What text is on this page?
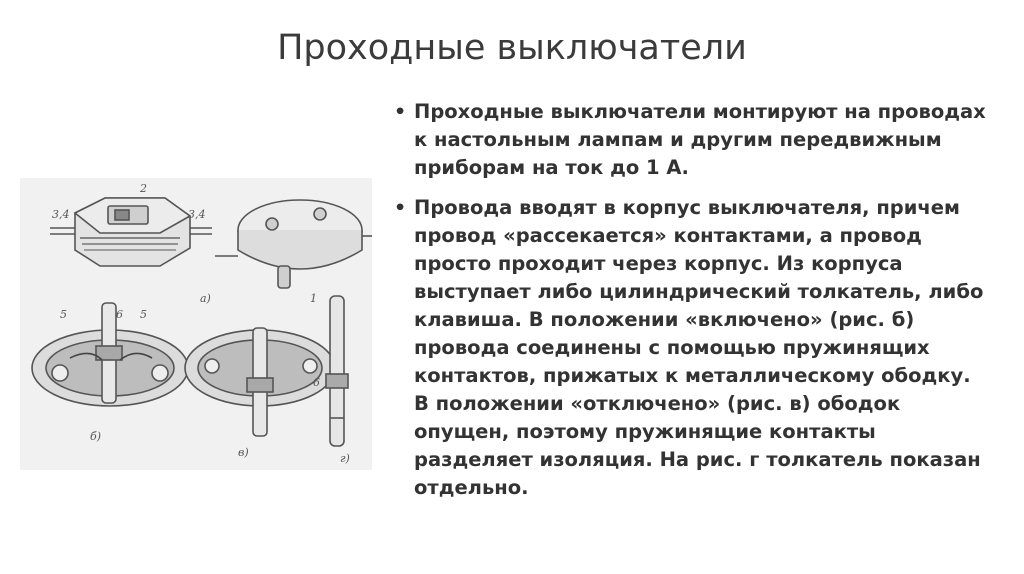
Проходные выключатели
2
3,4	3,4
а)	1
5	6 5
б)
в)
6
г)
• Проходные выключатели монтируют на проводах к настольным лампам и другим передвижным приборам на ток до 1 А.
• Провода вводят в корпус выключателя, причем провод «рассекается» контактами, а провод просто проходит через корпус. Из корпуса выступает либо цилиндрический толкатель, либо клавиша. В положении «включено» (рис. б) провода соединены с помощью пружинящих контактов, прижатых к металлическому ободку. В положении «отключено» (рис. в) ободок опущен, поэтому пружинящие контакты разделяет изоляция. На рис. г толкатель показан отдельно.
